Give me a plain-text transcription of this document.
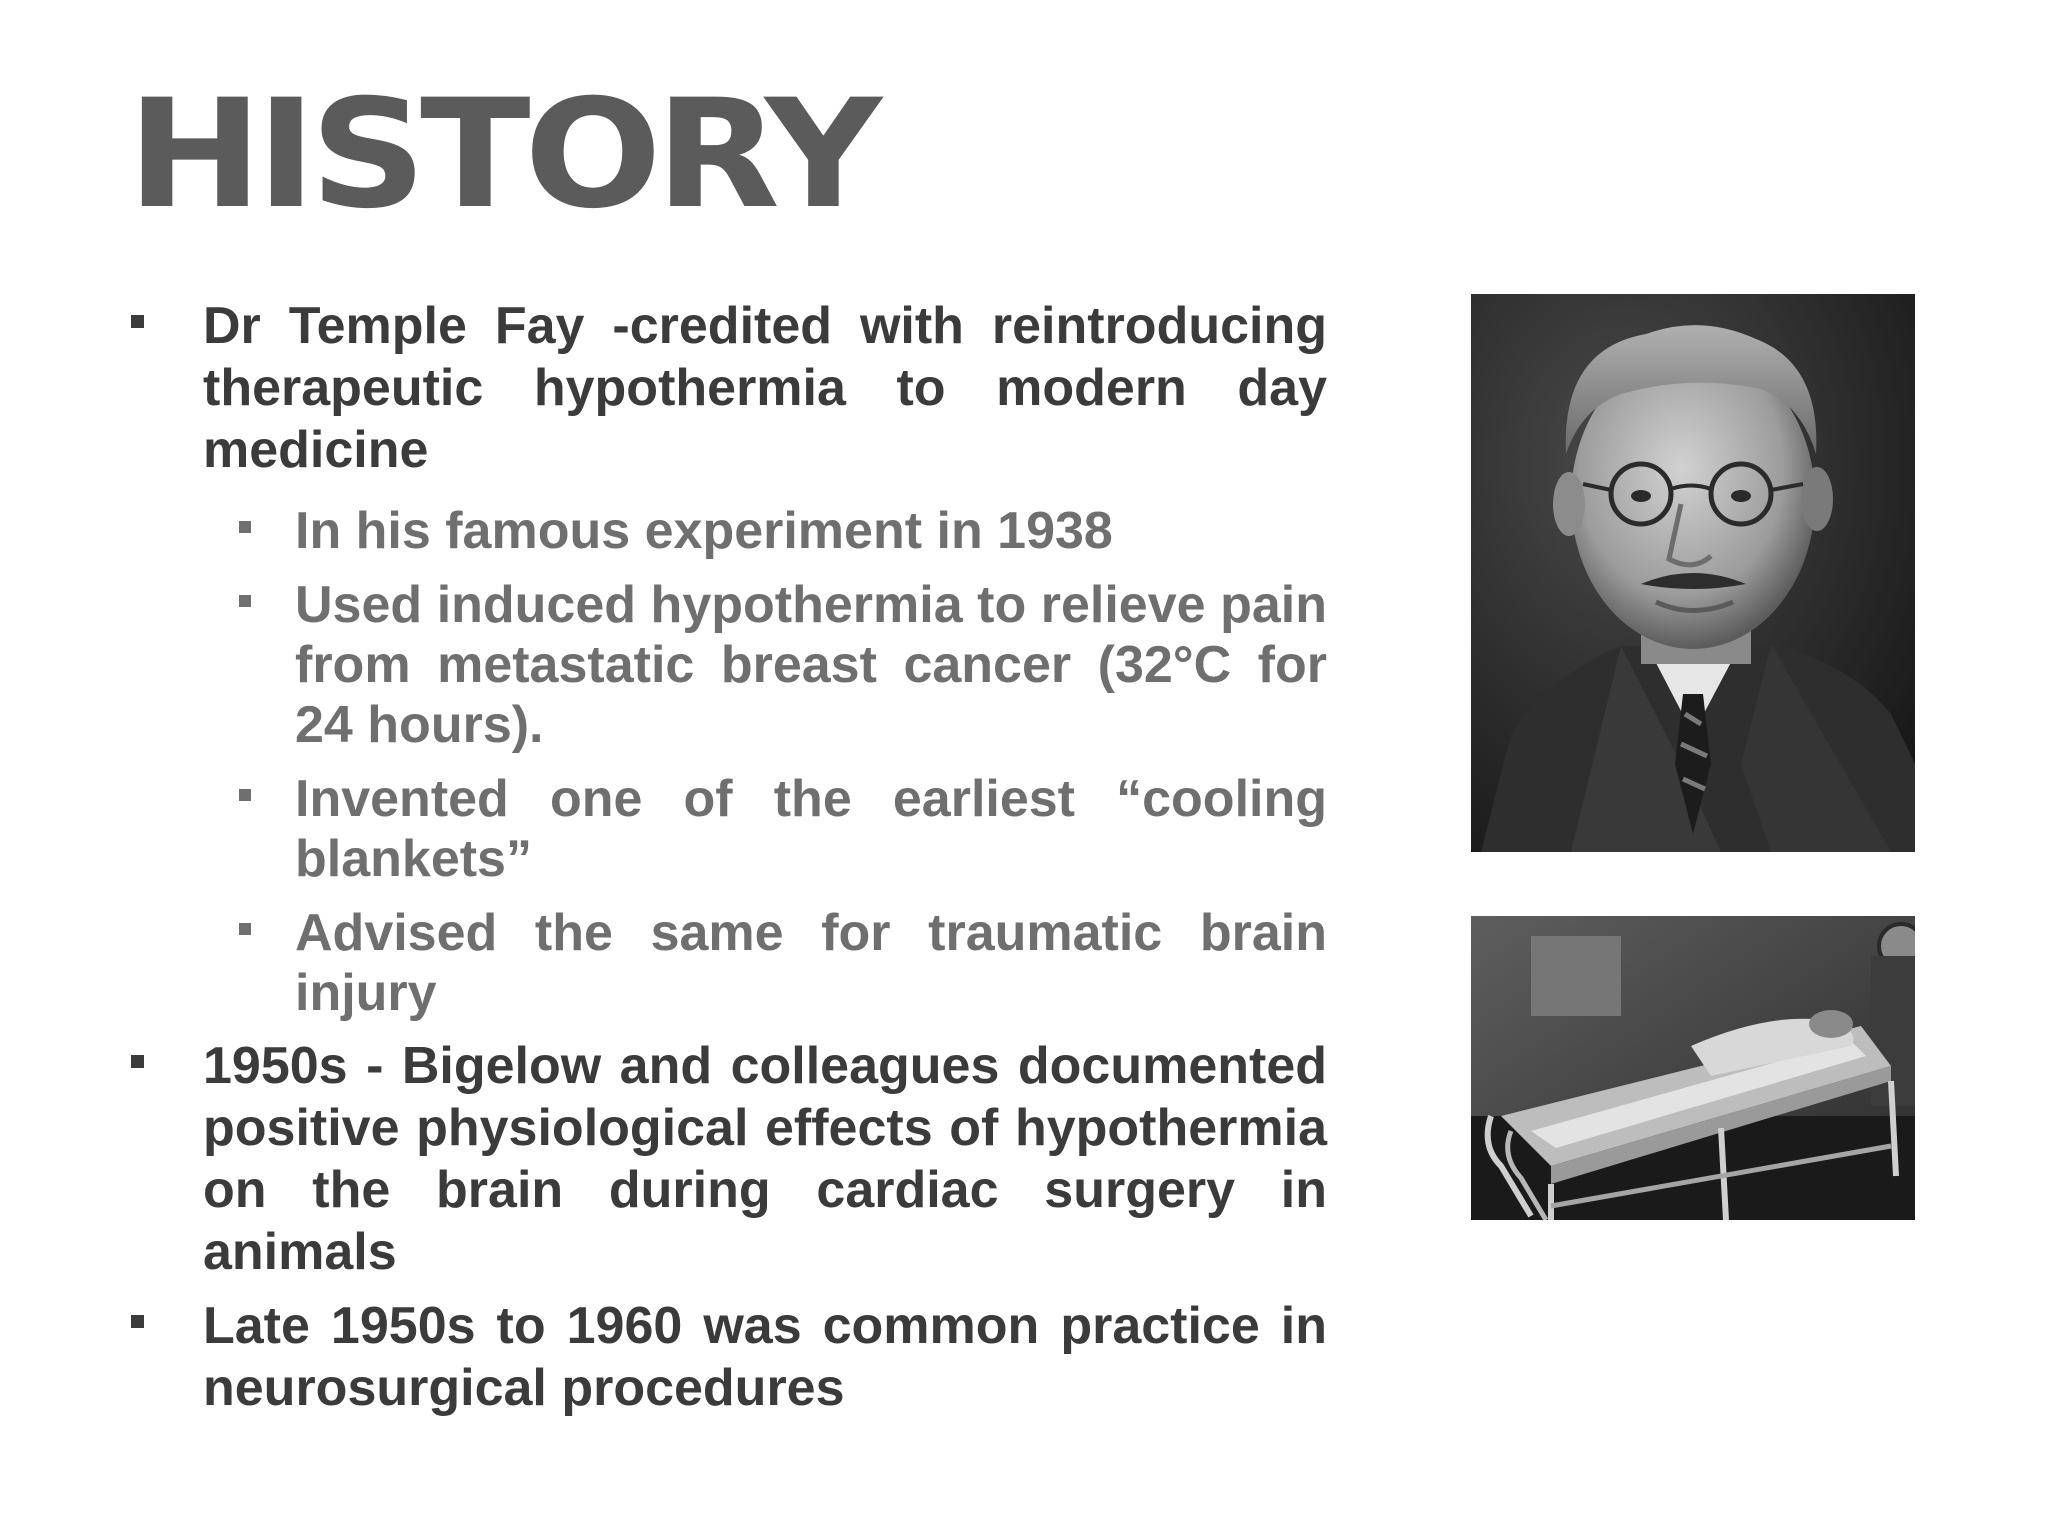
HISTORY
Dr Temple Fay -credited with reintroducing therapeutic hypothermia to modern day medicine
In his famous experiment in 1938
Used induced hypothermia to relieve pain from metastatic breast cancer (32°C for 24 hours).
Invented one of the earliest “cooling blankets”
Advised the same for traumatic brain injury
1950s - Bigelow and colleagues documented positive physiological effects of hypothermia on the brain during cardiac surgery in animals
Late 1950s to 1960 was common practice in neurosurgical procedures
